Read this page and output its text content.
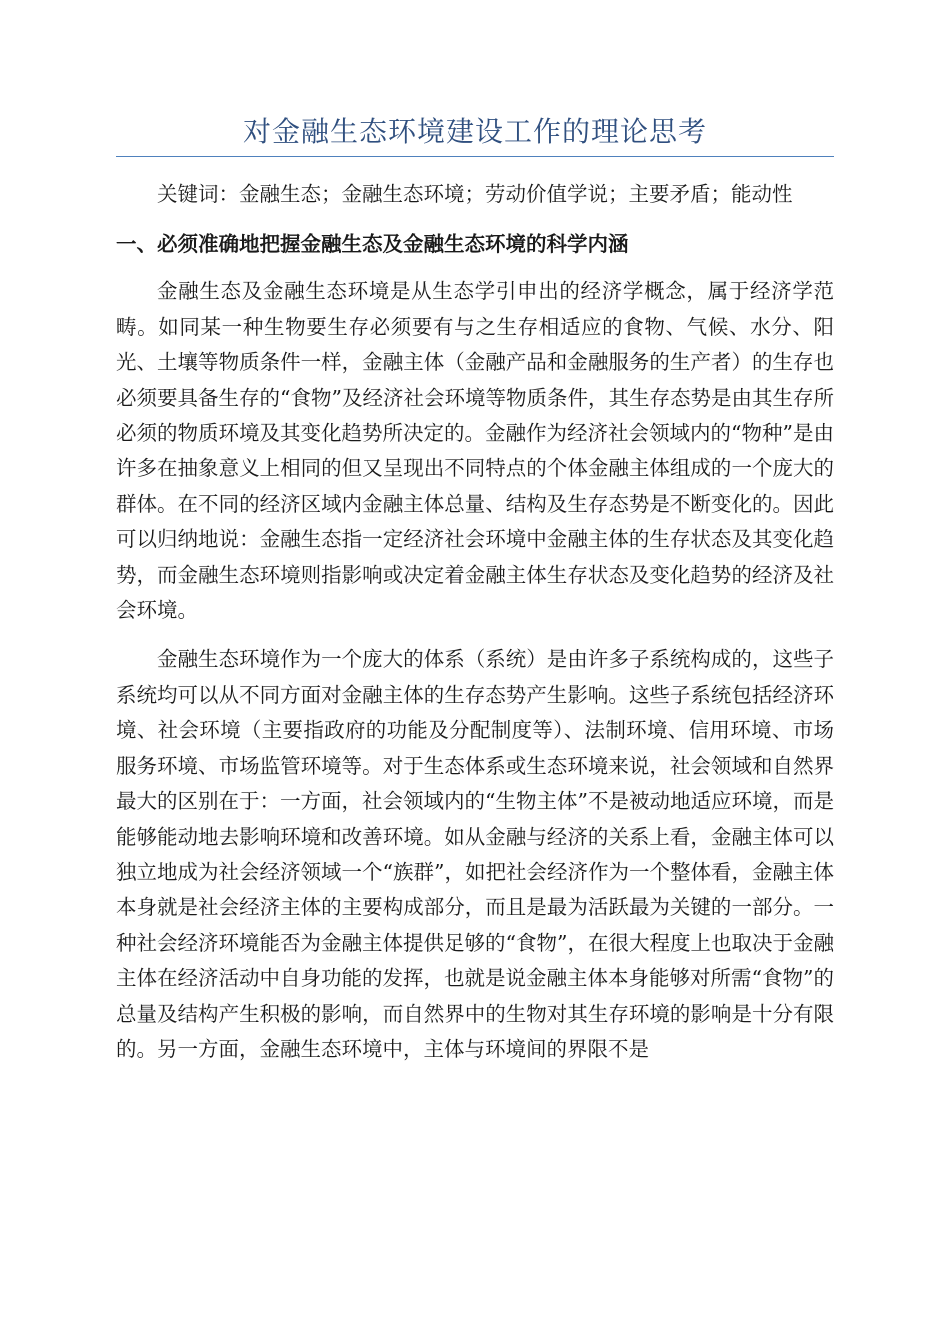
对金融生态环境建设工作的理论思考

关键词：金融生态；金融生态环境；劳动价值学说；主要矛盾；能动性

一、必须准确地把握金融生态及金融生态环境的科学内涵

金融生态及金融生态环境是从生态学引申出的经济学概念，属于经济学范畴。如同某一种生物要生存必须要有与之生存相适应的食物、气候、水分、阳光、土壤等物质条件一样，金融主体（金融产品和金融服务的生产者）的生存也必须要具备生存的“食物”及经济社会环境等物质条件，其生存态势是由其生存所必须的物质环境及其变化趋势所决定的。金融作为经济社会领域内的“物种”是由许多在抽象意义上相同的但又呈现出不同特点的个体金融主体组成的一个庞大的群体。在不同的经济区域内金融主体总量、结构及生存态势是不断变化的。因此可以归纳地说：金融生态指一定经济社会环境中金融主体的生存状态及其变化趋势，而金融生态环境则指影响或决定着金融主体生存状态及变化趋势的经济及社会环境。

金融生态环境作为一个庞大的体系（系统）是由许多子系统构成的，这些子系统均可以从不同方面对金融主体的生存态势产生影响。这些子系统包括经济环境、社会环境（主要指政府的功能及分配制度等）、法制环境、信用环境、市场服务环境、市场监管环境等。对于生态体系或生态环境来说，社会领域和自然界最大的区别在于：一方面，社会领域内的“生物主体”不是被动地适应环境，而是能够能动地去影响环境和改善环境。如从金融与经济的关系上看，金融主体可以独立地成为社会经济领域一个“族群”，如把社会经济作为一个整体看，金融主体本身就是社会经济主体的主要构成部分，而且是最为活跃最为关键的一部分。一种社会经济环境能否为金融主体提供足够的“食物”，在很大程度上也取决于金融主体在经济活动中自身功能的发挥，也就是说金融主体本身能够对所需“食物”的总量及结构产生积极的影响，而自然界中的生物对其生存环境的影响是十分有限的。另一方面，金融生态环境中，主体与环境间的界限不是
